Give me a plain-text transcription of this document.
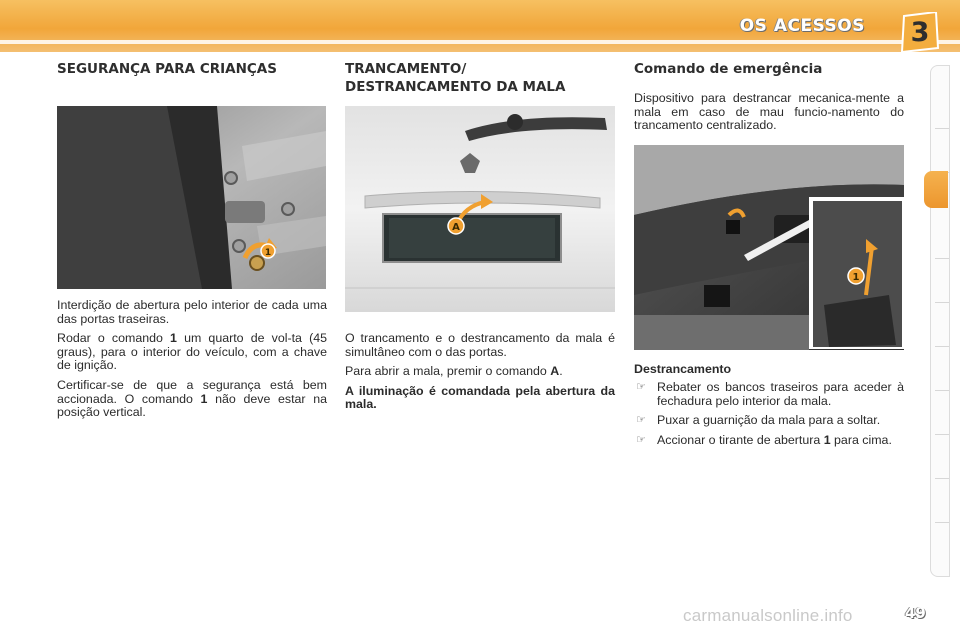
OS ACESSOS	3
SEGURANÇA PARA CRIANÇAS
1

Interdição de abertura pelo interior de cada uma das portas traseiras.

Rodar o comando 1 um quarto de vol-ta (45 graus), para o interior do veículo, com a chave de ignição.

Certificar-se de que a segurança está bem accionada. O comando 1 não deve estar na posição vertical.

TRANCAMENTO/
DESTRANCAMENTO DA MALA
A

O trancamento e o destrancamento da mala é simultâneo com o das portas.

Para abrir a mala, premir o comando A.

A iluminação é comandada pela abertura da mala.

Comando de emergência

Dispositivo para destrancar mecanica-mente a mala em caso de mau funcio-namento do trancamento centralizado.

1
Destrancamento
☞ Rebater os bancos traseiros para aceder à fechadura pelo interior da mala.
☞ Puxar a guarnição da mala para a soltar.
☞ Accionar o tirante de abertura 1 para cima.
carmanualsonline.info	49
